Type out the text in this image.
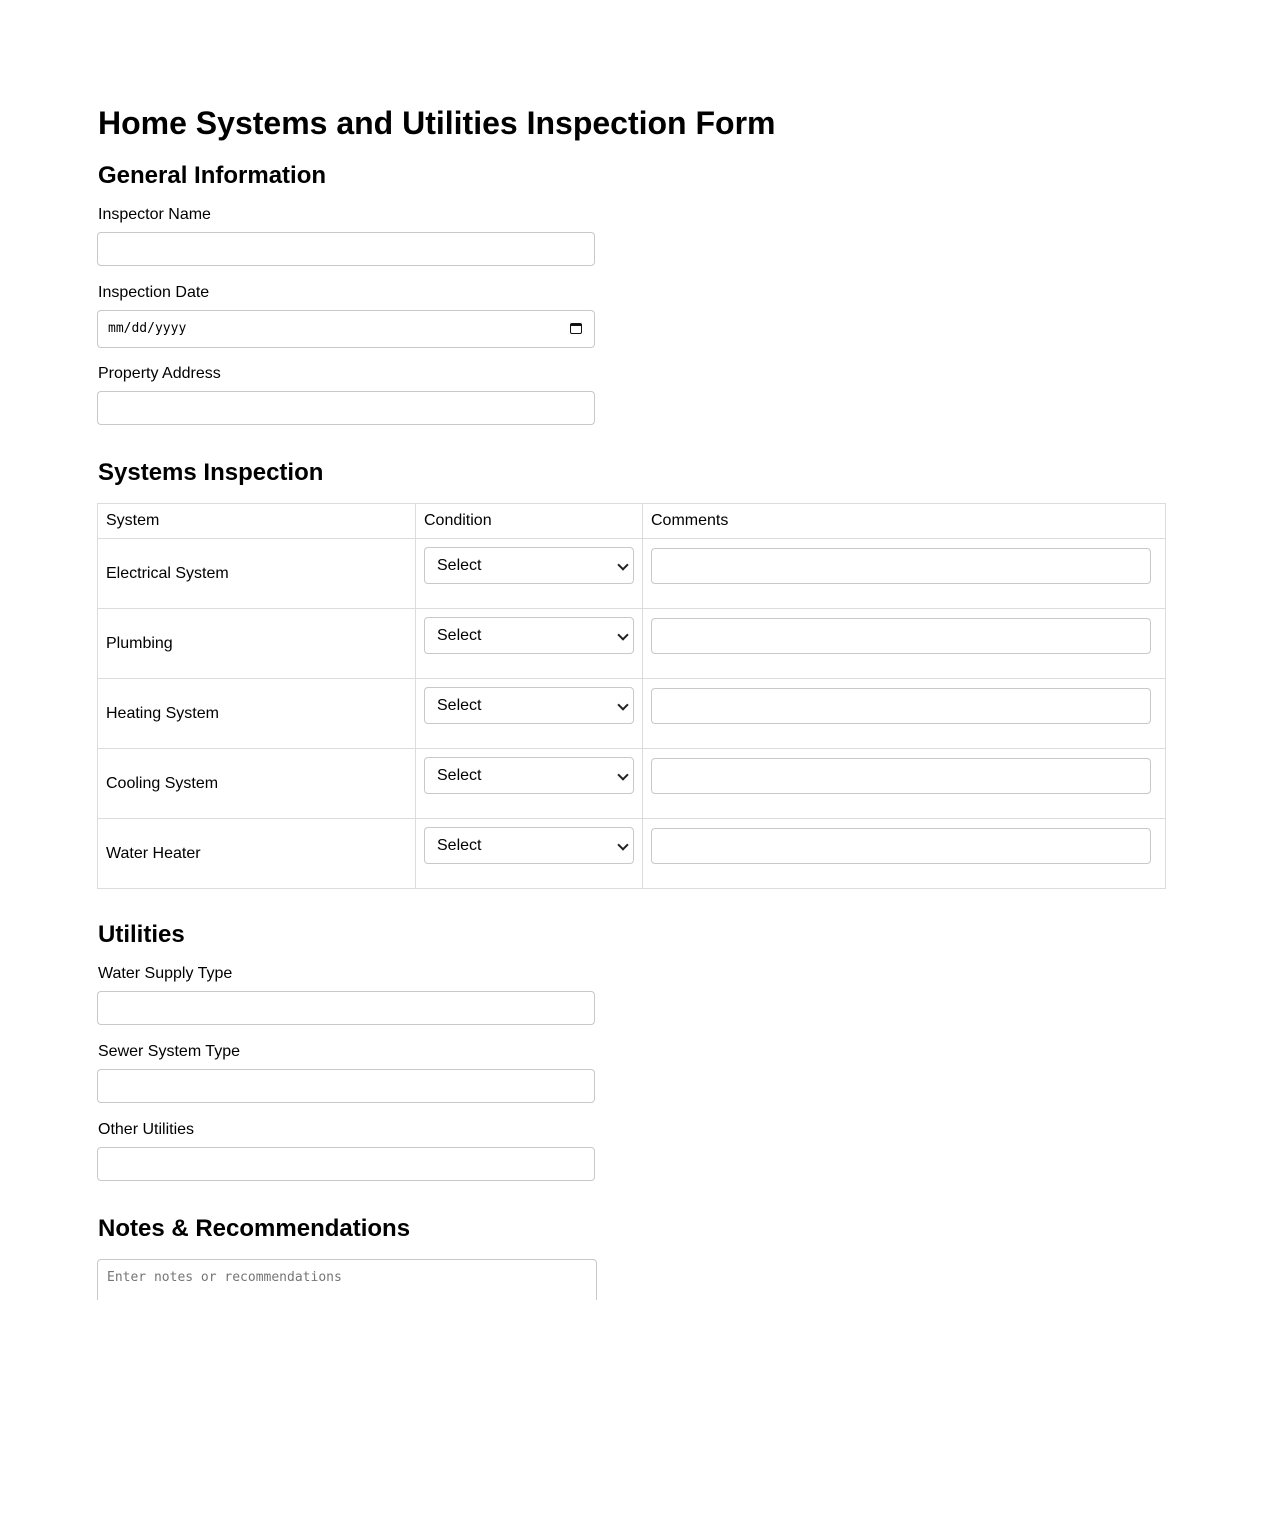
Home Systems and Utilities Inspection Form
General Information
Inspector Name
Inspection Date
mm/dd/yyyy
Property Address
Systems Inspection
System	Condition	Comments
Electrical System	Select	

Plumbing	Select	

Heating System	Select	

Cooling System	Select	

Water Heater	Select	

Utilities
Water Supply Type
Sewer System Type
Other Utilities
Notes & Recommendations
Enter notes or recommendations
